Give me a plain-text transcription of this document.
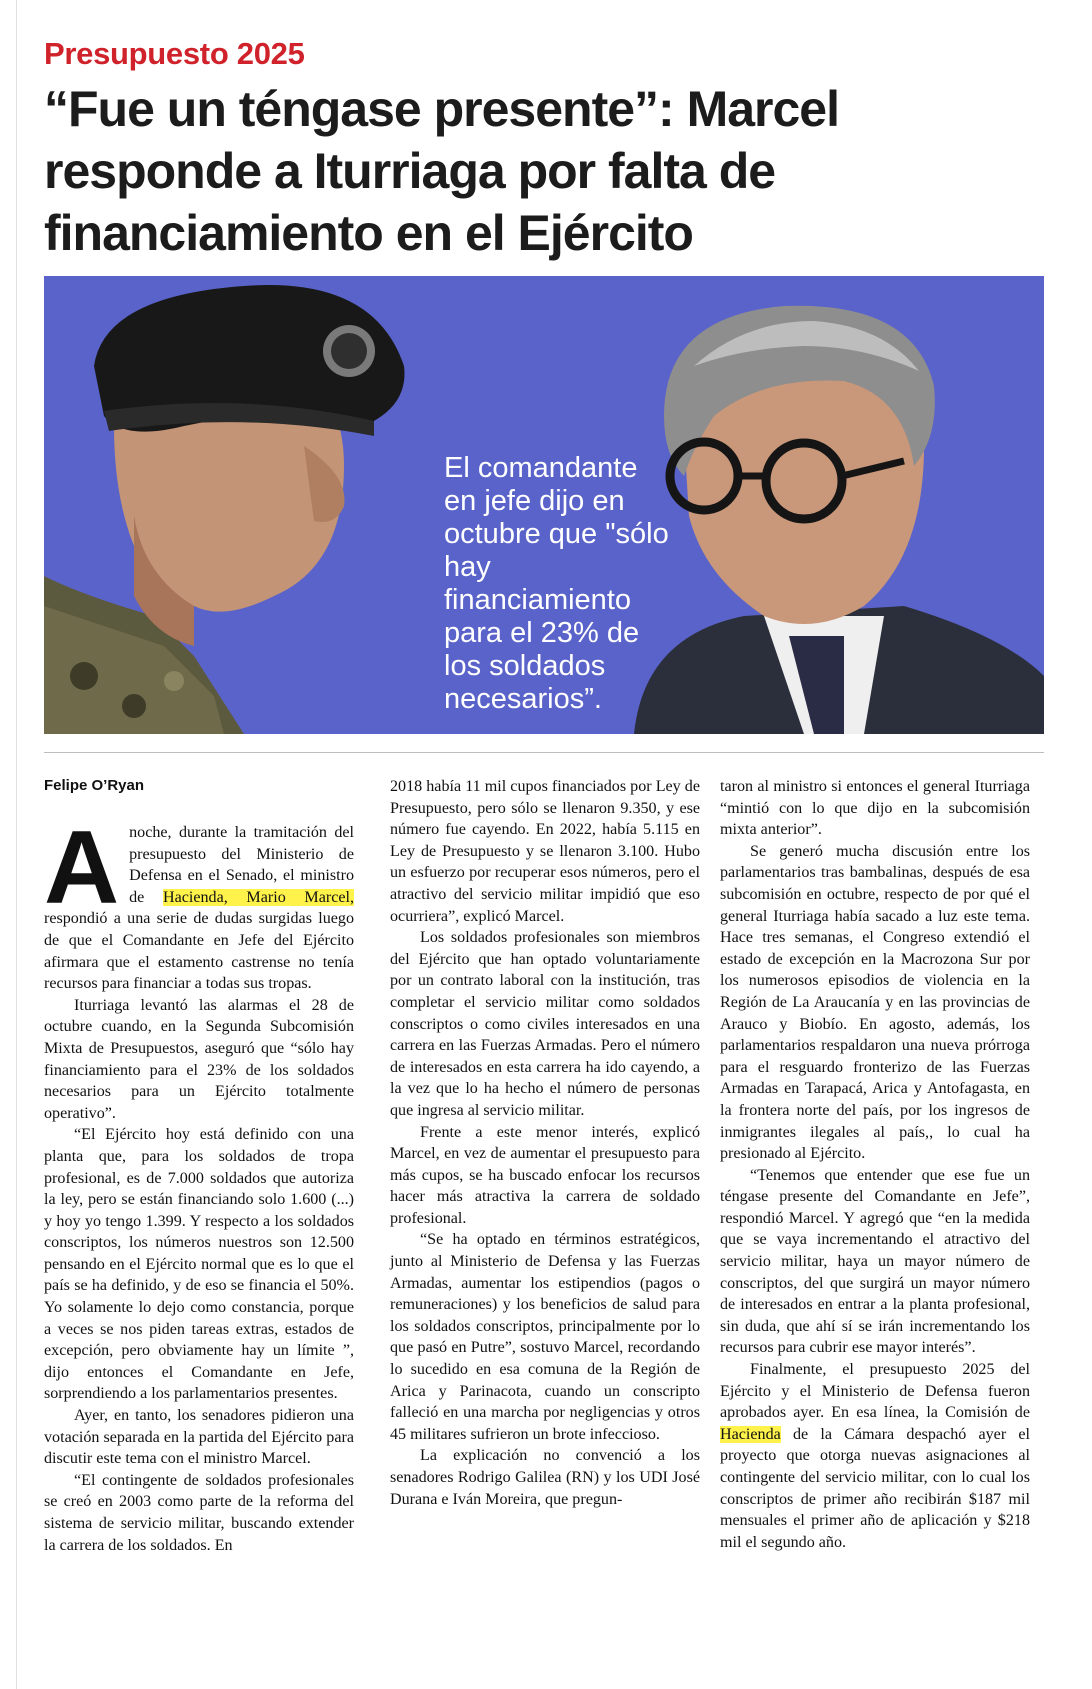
Presupuesto 2025
“Fue un téngase presente”: Marcel responde a Iturriaga por falta de financiamiento en el Ejército
El comandante en jefe dijo en octubre que "sólo hay financiamiento para el 23% de los soldados necesarios”.
Felipe O’Ryan

Anoche, durante la tramitación del presupuesto del Ministerio de Defensa en el Senado, el ministro de Hacienda, Mario Marcel, respondió a una serie de dudas surgidas luego de que el Comandante en Jefe del Ejército afirmara que el estamento castrense no tenía recursos para financiar a todas sus tropas.

Iturriaga levantó las alarmas el 28 de octubre cuando, en la Segunda Subcomisión Mixta de Presupuestos, aseguró que “sólo hay financiamiento para el 23% de los soldados necesarios para un Ejército totalmente operativo”.

“El Ejército hoy está definido con una planta que, para los soldados de tropa profesional, es de 7.000 soldados que autoriza la ley, pero se están financiando solo 1.600 (...) y hoy yo tengo 1.399. Y respecto a los soldados conscriptos, los números nuestros son 12.500 pensando en el Ejército normal que es lo que el país se ha definido, y de eso se financia el 50%. Yo solamente lo dejo como constancia, porque a veces se nos piden tareas extras, estados de excepción, pero obviamente hay un límite ”, dijo entonces el Comandante en Jefe, sorprendiendo a los parlamentarios presentes.

Ayer, en tanto, los senadores pidieron una votación separada en la partida del Ejército para discutir este tema con el ministro Marcel.

“El contingente de soldados profesionales se creó en 2003 como parte de la reforma del sistema de servicio militar, buscando extender la carrera de los soldados. En

2018 había 11 mil cupos financiados por Ley de Presupuesto, pero sólo se llenaron 9.350, y ese número fue cayendo. En 2022, había 5.115 en Ley de Presupuesto y se llenaron 3.100. Hubo un esfuerzo por recuperar esos números, pero el atractivo del servicio militar impidió que eso ocurriera”, explicó Marcel.

Los soldados profesionales son miembros del Ejército que han optado voluntariamente por un contrato laboral con la institución, tras completar el servicio militar como soldados conscriptos o como civiles interesados en una carrera en las Fuerzas Armadas. Pero el número de interesados en esta carrera ha ido cayendo, a la vez que lo ha hecho el número de personas que ingresa al servicio militar.

Frente a este menor interés, explicó Marcel, en vez de aumentar el presupuesto para más cupos, se ha buscado enfocar los recursos hacer más atractiva la carrera de soldado profesional.

“Se ha optado en términos estratégicos, junto al Ministerio de Defensa y las Fuerzas Armadas, aumentar los estipendios (pagos o remuneraciones) y los beneficios de salud para los soldados conscriptos, principalmente por lo que pasó en Putre”, sostuvo Marcel, recordando lo sucedido en esa comuna de la Región de Arica y Parinacota, cuando un conscripto falleció en una marcha por negligencias y otros 45 militares sufrieron un brote infeccioso.

La explicación no convenció a los senadores Rodrigo Galilea (RN) y los UDI José Durana e Iván Moreira, que pregun-

taron al ministro si entonces el general Iturriaga “mintió con lo que dijo en la subcomisión mixta anterior”.

Se generó mucha discusión entre los parlamentarios tras bambalinas, después de esa subcomisión en octubre, respecto de por qué el general Iturriaga había sacado a luz este tema. Hace tres semanas, el Congreso extendió el estado de excepción en la Macrozona Sur por los numerosos episodios de violencia en la Región de La Araucanía y en las provincias de Arauco y Biobío. En agosto, además, los parlamentarios respaldaron una nueva prórroga para el resguardo fronterizo de las Fuerzas Armadas en Tarapacá, Arica y Antofagasta, en la frontera norte del país, por los ingresos de inmigrantes ilegales al país,, lo cual ha presionado al Ejército.

“Tenemos que entender que ese fue un téngase presente del Comandante en Jefe”, respondió Marcel. Y agregó que “en la medida que se vaya incrementando el atractivo del servicio militar, haya un mayor número de conscriptos, del que surgirá un mayor número de interesados en entrar a la planta profesional, sin duda, que ahí sí se irán incrementando los recursos para cubrir ese mayor interés”.

Finalmente, el presupuesto 2025 del Ejército y el Ministerio de Defensa fueron aprobados ayer. En esa línea, la Comisión de Hacienda de la Cámara despachó ayer el proyecto que otorga nuevas asignaciones al contingente del servicio militar, con lo cual los conscriptos de primer año recibirán $187 mil mensuales el primer año de aplicación y $218 mil el segundo año.
